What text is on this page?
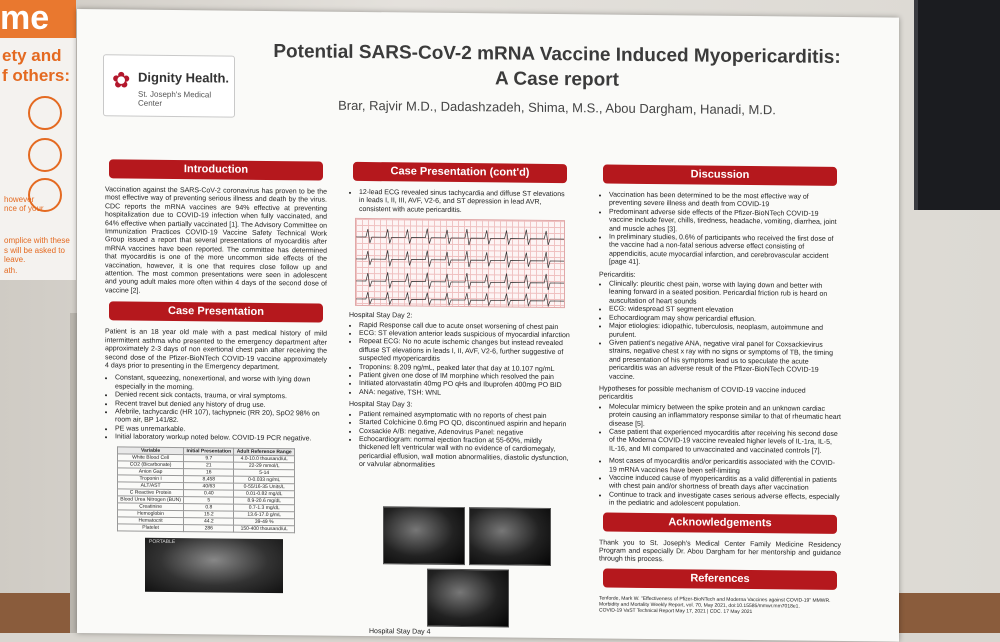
me
ety and
f others:
however
nce of your
omplice with these
s will be asked to leave.
ath.
✿ Dignity Health.
St. Joseph's Medical Center
Potential SARS-CoV-2 mRNA Vaccine Induced Myopericarditis:
A Case report
Brar, Rajvir M.D., Dadashzadeh, Shima, M.S., Abou Dargham, Hanadi, M.D.
Introduction

Vaccination against the SARS-CoV-2 coronavirus has proven to be the most effective way of preventing serious illness and death by the virus. CDC reports the mRNA vaccines are 94% effective at preventing hospitalization due to COVID-19 infection when fully vaccinated, and 64% effective when partially vaccinated [1]. The Advisory Committee on Immunization Practices COVID-19 Vaccine Safety Technical Work Group issued a report that several presentations of myocarditis after mRNA vaccines have been reported. The committee has determined that myocarditis is one of the more uncommon side effects of the vaccination, however, it is one that requires close follow up and attention. The most common presentations were seen in adolescent and young adult males more often within 4 days of the second dose of vaccine [2].

Case Presentation

Patient is an 18 year old male with a past medical history of mild intermittent asthma who presented to the emergency department after approximately 2-3 days of non exertional chest pain after receiving the second dose of the Pfizer-BioNTech COVID-19 vaccine approximately 4 days prior to presenting in the Emergency department.

• Constant, squeezing, nonexertional, and worse with lying down especially in the morning.
• Denied recent sick contacts, trauma, or viral symptoms.
• Recent travel but denied any history of drug use.
• Afebrile, tachycardic (HR 107), tachypneic (RR 20), SpO2 98% on room air, BP 141/82.
• PE was unremarkable.
• Initial laboratory workup noted below. COVID-19 PCR negative.
Variable	Initial Presentation	Adult Reference Range
White Blood Cell	9.7	4.0-10.0 thousand/uL
CO2 (Bicarbonate)	21	22-29 mmol/L
Anion Gap	16	5-14
Troponin I	8,458	0-0.033 ng/mL
ALT/AST	40/63	0-55/16-35 Units/L
C Reactive Protein	0.40	0.01-0.82 mg/dL
Blood Urea Nitrogen (BUN)	5	8.9-20.6 mg/dL
Creatinine	0.8	0.7-1.3 mg/dL
Hemoglobin	15.2	13.6-17.0 g/mL
Hematocrit	44.2	39-49 %
Platelet	286	150-400 thousand/uL
PORTABLE
Case Presentation (cont'd)
• 12-lead ECG revealed sinus tachycardia and diffuse ST elevations in leads I, II, III, AVF, V2-6, and ST depression in lead AVR, consistent with acute pericarditis.
Hospital Stay Day 2:
• Rapid Response call due to acute onset worsening of chest pain
• ECG: ST elevation anterior leads suspicious of myocardial infarction
• Repeat ECG: No no acute ischemic changes but instead revealed diffuse ST elevations in leads I, II, AVF, V2-6, further suggestive of suspected myopericarditis
• Troponins: 8.209 ng/mL, peaked later that day at 10.107 ng/mL
• Patient given one dose of IM morphine which resolved the pain
• Initiated atorvastatin 40mg PO qHs and Ibuprofen 400mg PO BID
• ANA: negative, TSH: WNL
Hospital Stay Day 3:
• Patient remained asymptomatic with no reports of chest pain
• Started Colchicine 0.6mg PO QD, discontinued aspirin and heparin
• Coxsackie A/B: negative, Adenovirus Panel: negative
• Echocardiogram: normal ejection fraction at 55-60%, mildly thickened left ventricular wall with no evidence of cardiomegaly, pericardial effusion, wall motion abnormalities, diastolic dysfunction, or valvular abnormalities
Hospital Stay Day 4
Discussion
• Vaccination has been determined to be the most effective way of preventing severe illness and death from COVID-19
• Predominant adverse side effects of the Pfizer-BioNTech COVID-19 vaccine include fever, chills, tiredness, headache, vomiting, diarrhea, joint and muscle aches [3].
• In preliminary studies, 0.6% of participants who received the first dose of the vaccine had a non-fatal serious adverse effect consisting of appendicitis, acute myocardial infarction, and cerebrovascular accident [page 41].
Pericarditis:
• Clinically: pleuritic chest pain, worse with laying down and better with leaning forward in a seated position. Pericardial friction rub is heard on auscultation of heart sounds
• ECG: widespread ST segment elevation
• Echocardiogram may show pericardial effusion.
• Major etiologies: idiopathic, tuberculosis, neoplasm, autoimmune and purulent.
• Given patient's negative ANA, negative viral panel for Coxsackievirus strains, negative chest x ray with no signs or symptoms of TB, the timing and presentation of his symptoms lead us to speculate the acute pericarditis was an adverse result of the Pfizer-BioNTech COVID-19 vaccine.
Hypotheses for possible mechanism of COVID-19 vaccine induced pericarditis
• Molecular mimicry between the spike protein and an unknown cardiac protein causing an inflammatory response similar to that of rheumatic heart disease [5].
• Case patient that experienced myocarditis after receiving his second dose of the Moderna COVID-19 vaccine revealed higher levels of IL-1ra, IL-5, IL-16, and MI compared to unvaccinated and vaccinated controls [7].
• Most cases of myocarditis and/or pericarditis associated with the COVID-19 mRNA vaccines have been self-limiting
• Vaccine induced cause of myopericarditis as a valid differential in patients with chest pain and/or shortness of breath days after vaccination
• Continue to track and investigate cases serious adverse effects, especially in the pediatric and adolescent population.
Acknowledgements

Thank you to St. Joseph's Medical Center Family Medicine Residency Program and especially Dr. Abou Dargham for her mentorship and guidance through this process.

References
Tenforde, Mark W. "Effectiveness of Pfizer-BioNTech and Moderna Vaccines against COVID-19" MMWR. Morbidity and Mortality Weekly Report, vol. 70, May 2021, doi:10.15585/mmwr.mm7018e1.
COVID-19 VaST Technical Report May 17, 2021 | CDC. 17 May 2021
